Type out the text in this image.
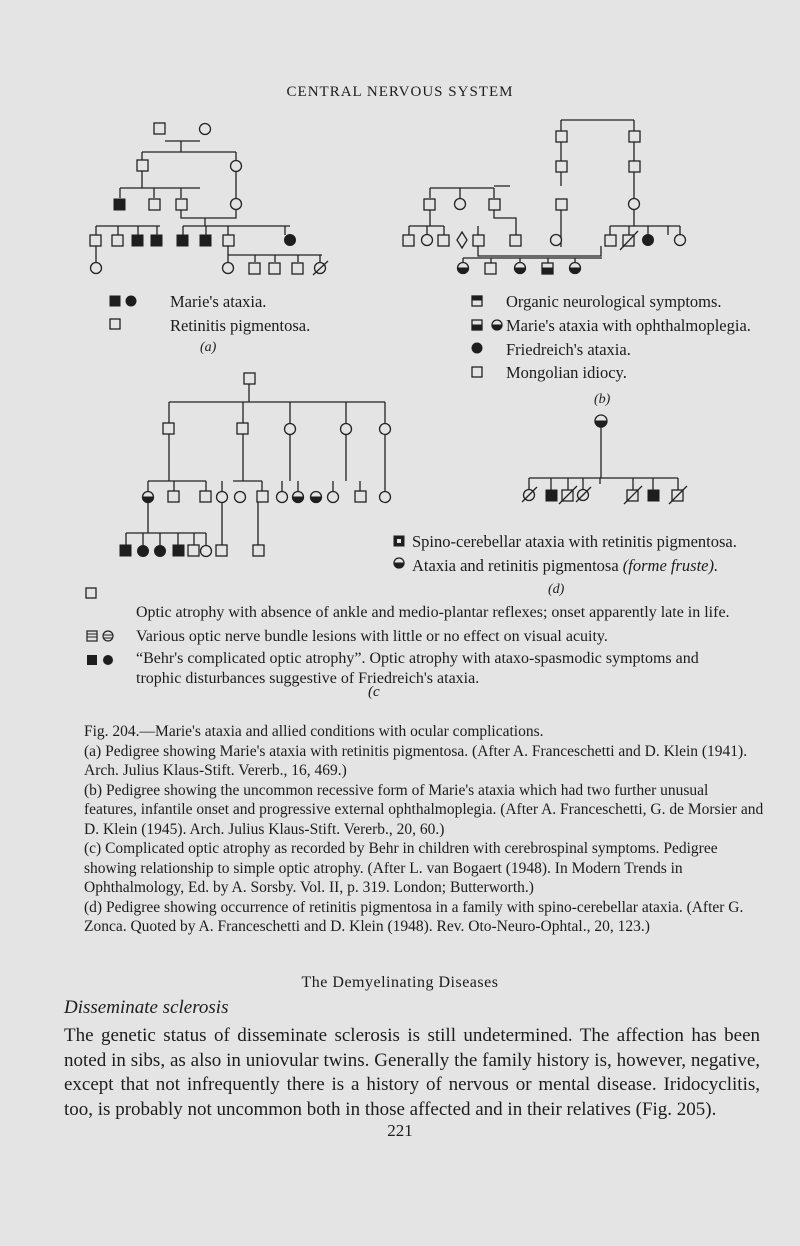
CENTRAL NERVOUS SYSTEM
Marie's ataxia.
Retinitis pigmentosa.
(a)
Organic neurological symptoms.
Marie's ataxia with ophthalmoplegia.
Friedreich's ataxia.
Mongolian idiocy.
(b)
Spino-cerebellar ataxia with retinitis pigmentosa.
Ataxia and retinitis pigmentosa (forme fruste).
(d)
Optic atrophy with absence of ankle and medio-plantar reflexes; onset apparently late in life.
Various optic nerve bundle lesions with little or no effect on visual acuity.
“Behr's complicated optic atrophy”. Optic atrophy with ataxo-spasmodic symptoms and
trophic disturbances suggestive of Friedreich's ataxia.
(c

Fig. 204.—Marie's ataxia and allied conditions with ocular complications.

(a) Pedigree showing Marie's ataxia with retinitis pigmentosa. (After A. Franceschetti and D. Klein (1941). Arch. Julius Klaus-Stift. Vererb., 16, 469.)

(b) Pedigree showing the uncommon recessive form of Marie's ataxia which had two further unusual features, infantile onset and progressive external ophthalmoplegia. (After A. Franceschetti, G. de Morsier and D. Klein (1945). Arch. Julius Klaus-Stift. Vererb., 20, 60.)

(c) Complicated optic atrophy as recorded by Behr in children with cerebrospinal symptoms. Pedigree showing relationship to simple optic atrophy. (After L. van Bogaert (1948). In Modern Trends in Ophthalmology, Ed. by A. Sorsby. Vol. II, p. 319. London; Butterworth.)

(d) Pedigree showing occurrence of retinitis pigmentosa in a family with spino-cerebellar ataxia. (After G. Zonca. Quoted by A. Franceschetti and D. Klein (1948). Rev. Oto-Neuro-Ophtal., 20, 123.)

The Demyelinating Diseases
Disseminate sclerosis
The genetic status of disseminate sclerosis is still undetermined. The affection has been noted in sibs, as also in uniovular twins. Generally the family history is, however, negative, except that not infrequently there is a history of nervous or mental disease. Iridocyclitis, too, is probably not uncommon both in those affected and in their relatives (Fig. 205).
221
